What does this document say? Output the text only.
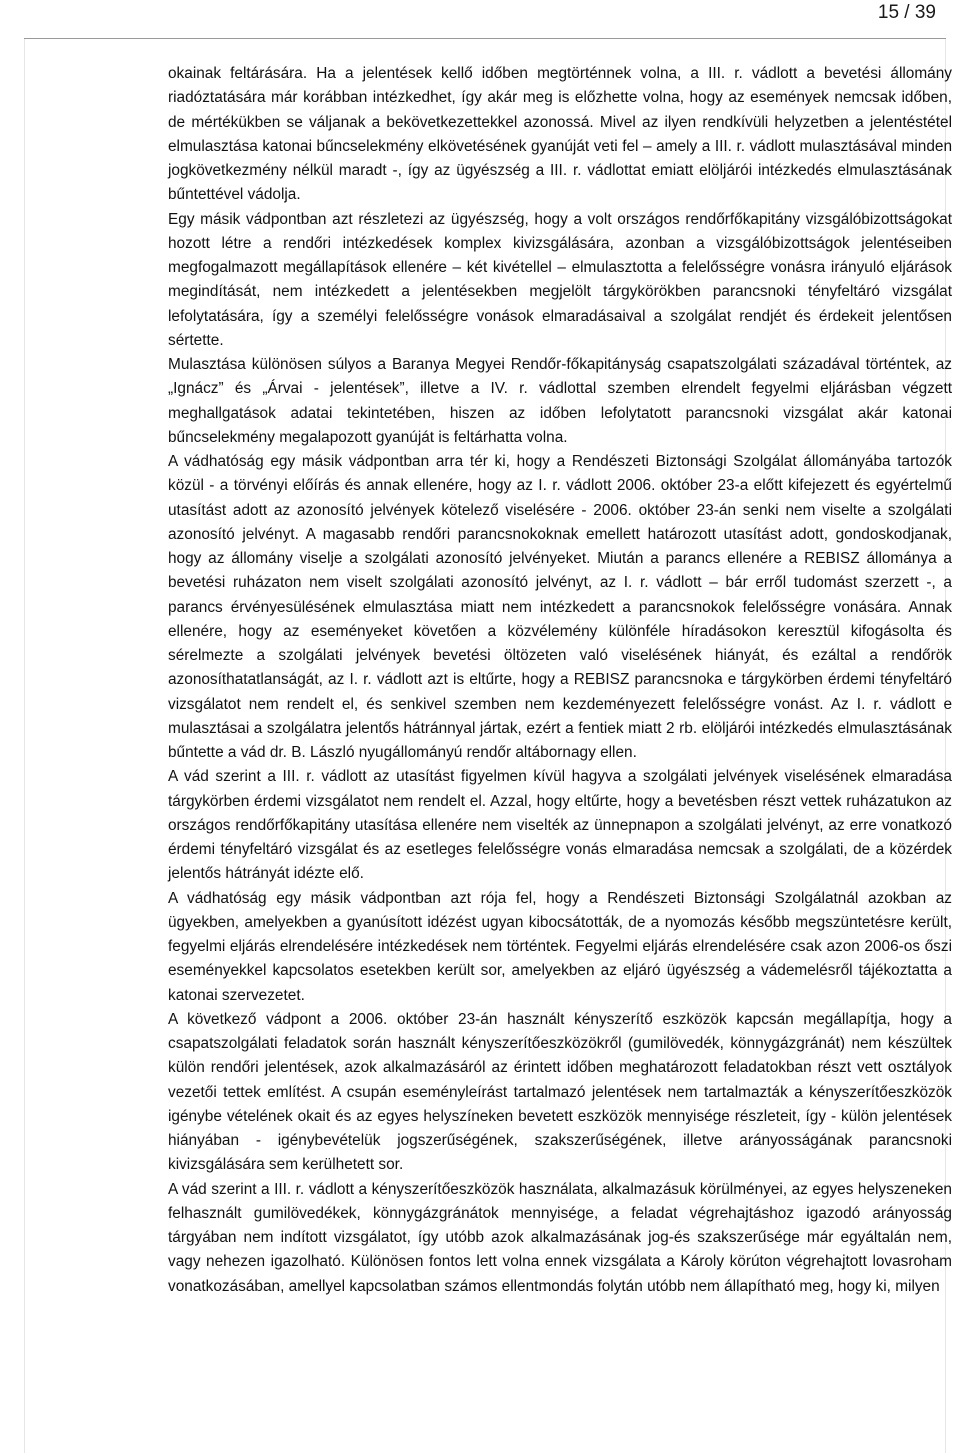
15 / 39

okainak feltárására. Ha a jelentések kellő időben megtörténnek volna, a III. r. vádlott a bevetési állomány riadóztatására már korábban intézkedhet, így akár meg is előzhette volna, hogy az események nemcsak időben, de mértékükben se váljanak a bekövetkezettekkel azonossá. Mivel az ilyen rendkívüli helyzetben a jelentéstétel elmulasztása katonai bűncselekmény elkövetésének gyanúját veti fel – amely a III. r. vádlott mulasztásával minden jogkövetkezmény nélkül maradt -, így az ügyészség a III. r. vádlottat emiatt elöljárói intézkedés elmulasztásának bűntettével vádolja.

Egy másik vádpontban azt részletezi az ügyészség, hogy a volt országos rendőrfőkapitány vizsgálóbizottságokat hozott létre a rendőri intézkedések komplex kivizsgálására, azonban a vizsgálóbizottságok jelentéseiben megfogalmazott megállapítások ellenére – két kivétellel – elmulasztotta a felelősségre vonásra irányuló eljárások megindítását, nem intézkedett a jelentésekben megjelölt tárgykörökben parancsnoki tényfeltáró vizsgálat lefolytatására, így a személyi felelősségre vonások elmaradásaival a szolgálat rendjét és érdekeit jelentősen sértette.

Mulasztása különösen súlyos a Baranya Megyei Rendőr-főkapitányság csapatszolgálati századával történtek, az „Ignácz” és „Árvai - jelentések”, illetve a IV. r. vádlottal szemben elrendelt fegyelmi eljárásban végzett meghallgatások adatai tekintetében, hiszen az időben lefolytatott parancsnoki vizsgálat akár katonai bűncselekmény megalapozott gyanúját is feltárhatta volna.

A vádhatóság egy másik vádpontban arra tér ki, hogy a Rendészeti Biztonsági Szolgálat állományába tartozók közül - a törvényi előírás és annak ellenére, hogy az I. r. vádlott 2006. október 23-a előtt kifejezett és egyértelmű utasítást adott az azonosító jelvények kötelező viselésére - 2006. október 23-án senki nem viselte a szolgálati azonosító jelvényt. A magasabb rendőri parancsnokoknak emellett határozott utasítást adott, gondoskodjanak, hogy az állomány viselje a szolgálati azonosító jelvényeket. Miután a parancs ellenére a REBISZ állománya a bevetési ruházaton nem viselt szolgálati azonosító jelvényt, az I. r. vádlott – bár erről tudomást szerzett -, a parancs érvényesülésének elmulasztása miatt nem intézkedett a parancsnokok felelősségre vonására. Annak ellenére, hogy az eseményeket követően a közvélemény különféle híradásokon keresztül kifogásolta és sérelmezte a szolgálati jelvények bevetési öltözeten való viselésének hiányát, és ezáltal a rendőrök azonosíthatatlanságát, az I. r. vádlott azt is eltűrte, hogy a REBISZ parancsnoka e tárgykörben érdemi tényfeltáró vizsgálatot nem rendelt el, és senkivel szemben nem kezdeményezett felelősségre vonást. Az I. r. vádlott e mulasztásai a szolgálatra jelentős hátránnyal jártak, ezért a fentiek miatt 2 rb. elöljárói intézkedés elmulasztásának bűntette a vád dr. B. László nyugállományú rendőr altábornagy ellen.

A vád szerint a III. r. vádlott az utasítást figyelmen kívül hagyva a szolgálati jelvények viselésének elmaradása tárgykörben érdemi vizsgálatot nem rendelt el. Azzal, hogy eltűrte, hogy a bevetésben részt vettek ruházatukon az országos rendőrfőkapitány utasítása ellenére nem viselték az ünnepnapon a szolgálati jelvényt, az erre vonatkozó érdemi tényfeltáró vizsgálat és az esetleges felelősségre vonás elmaradása nemcsak a szolgálati, de a közérdek jelentős hátrányát idézte elő.

A vádhatóság egy másik vádpontban azt rója fel, hogy a Rendészeti Biztonsági Szolgálatnál azokban az ügyekben, amelyekben a gyanúsított idézést ugyan kibocsátották, de a nyomozás később megszüntetésre került, fegyelmi eljárás elrendelésére intézkedések nem történtek. Fegyelmi eljárás elrendelésére csak azon 2006-os őszi eseményekkel kapcsolatos esetekben került sor, amelyekben az eljáró ügyészség a vádemelésről tájékoztatta a katonai szervezetet.

A következő vádpont a 2006. október 23-án használt kényszerítő eszközök kapcsán megállapítja, hogy a csapatszolgálati feladatok során használt kényszerítőeszközökről (gumilövedék, könnygázgránát) nem készültek külön rendőri jelentések, azok alkalmazásáról az érintett időben meghatározott feladatokban részt vett osztályok vezetői tettek említést. A csupán eseményleírást tartalmazó jelentések nem tartalmazták a kényszerítőeszközök igénybe vételének okait és az egyes helyszíneken bevetett eszközök mennyisége részleteit, így - külön jelentések hiányában - igénybevételük jogszerűségének, szakszerűségének, illetve arányosságának parancsnoki kivizsgálására sem kerülhetett sor.

A vád szerint a III. r. vádlott a kényszerítőeszközök használata, alkalmazásuk körülményei, az egyes helyszeneken felhasznált gumilövedékek, könnygázgránátok mennyisége, a feladat végrehajtáshoz igazodó arányosság tárgyában nem indított vizsgálatot, így utóbb azok alkalmazásának jog-és szakszerűsége már egyáltalán nem, vagy nehezen igazolható. Különösen fontos lett volna ennek vizsgálata a Károly körúton végrehajtott lovasroham vonatkozásában, amellyel kapcsolatban számos ellentmondás folytán utóbb nem állapítható meg, hogy ki, milyen
